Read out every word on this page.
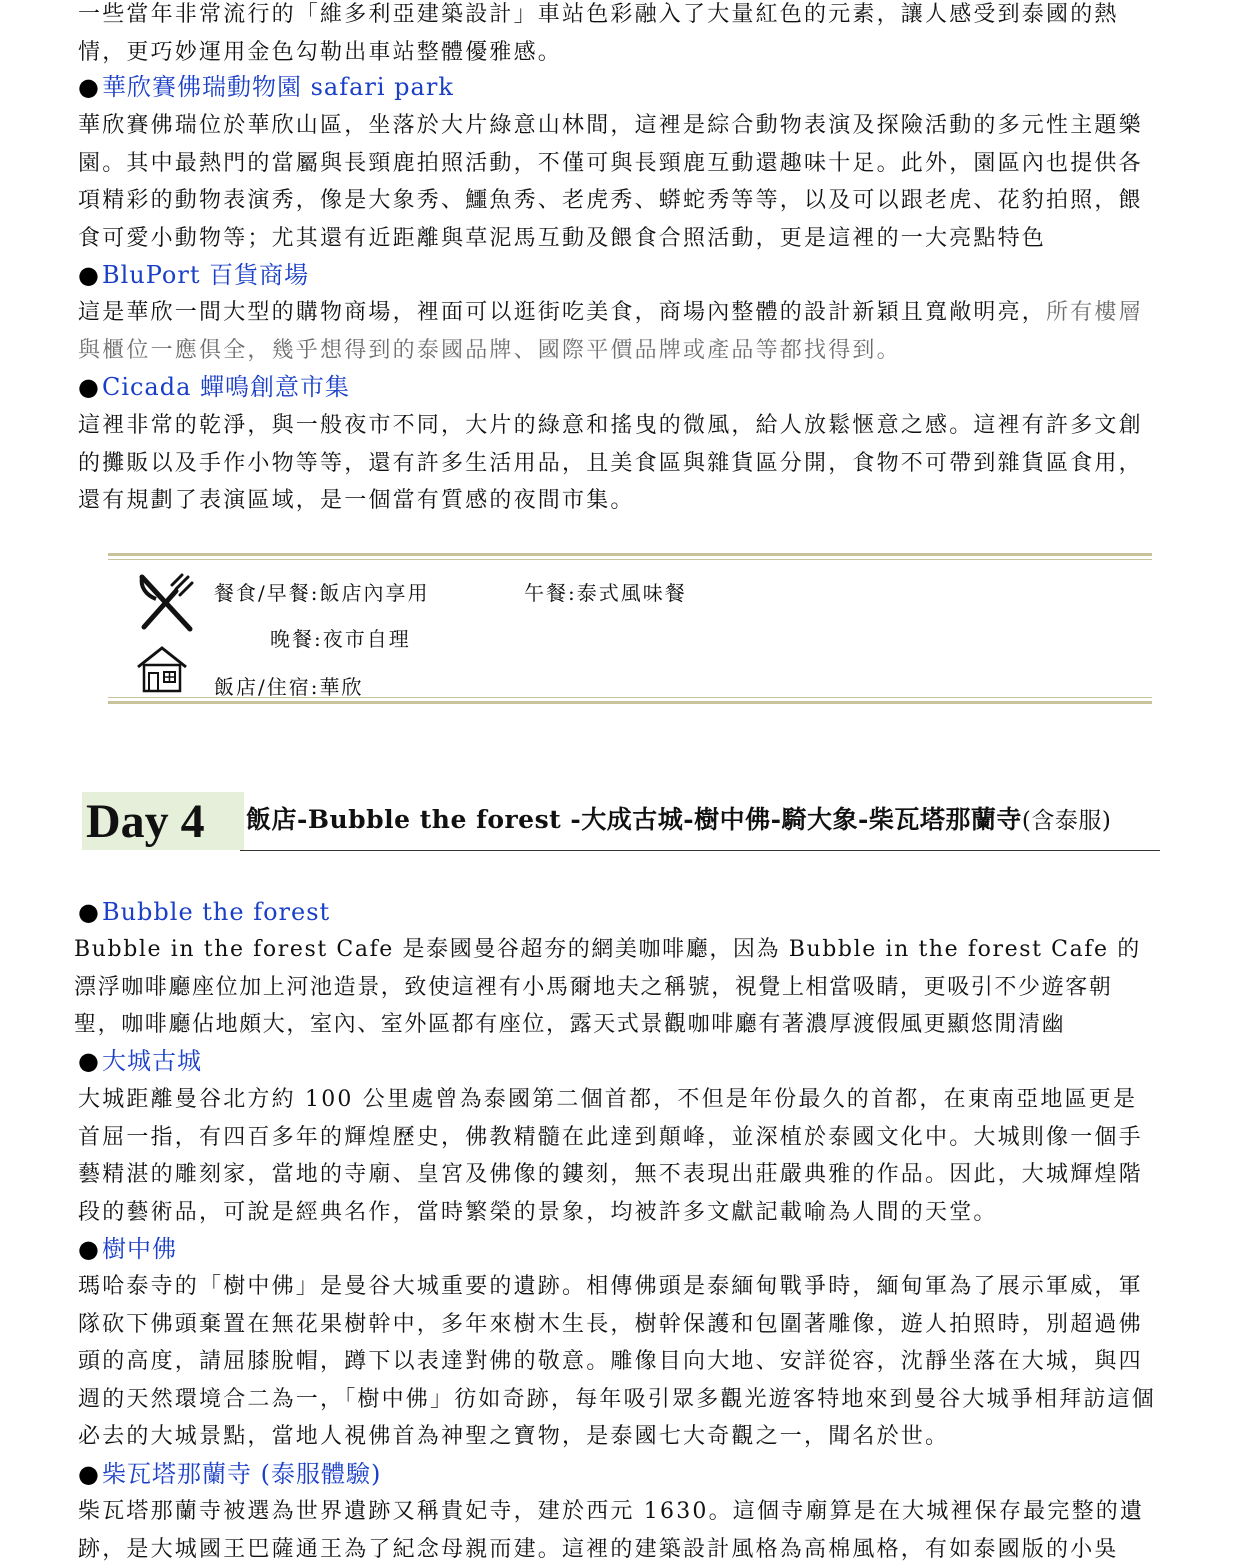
一些當年非常流行的「維多利亞建築設計」車站色彩融入了大量紅色的元素，讓人感受到泰國的熱情，更巧妙運用金色勾勒出車站整體優雅感。

●華欣賽佛瑞動物園 safari park

華欣賽佛瑞位於華欣山區，坐落於大片綠意山林間，這裡是綜合動物表演及探險活動的多元性主題樂園。其中最熱門的當屬與長頸鹿拍照活動，不僅可與長頸鹿互動還趣味十足。此外，園區內也提供各項精彩的動物表演秀，像是大象秀、鱷魚秀、老虎秀、蟒蛇秀等等，以及可以跟老虎、花豹拍照，餵食可愛小動物等；尤其還有近距離與草泥馬互動及餵食合照活動，更是這裡的一大亮點特色

●BluPort 百貨商場

這是華欣一間大型的購物商場，裡面可以逛街吃美食，商場內整體的設計新穎且寬敞明亮，所有樓層與櫃位一應俱全，幾乎想得到的泰國品牌、國際平價品牌或產品等都找得到。

●Cicada 蟬鳴創意市集

這裡非常的乾淨，與一般夜市不同，大片的綠意和搖曳的微風，給人放鬆愜意之感。這裡有許多文創的攤販以及手作小物等等，還有許多生活用品，且美食區與雜貨區分開，食物不可帶到雜貨區食用，還有規劃了表演區域，是一個當有質感的夜間市集。

餐食/早餐:飯店內享用	午餐:泰式風味餐
晚餐:夜市自理
飯店/住宿:華欣
Day 4	飯店-Bubble the forest -大成古城-樹中佛-騎大象-柴瓦塔那蘭寺(含泰服)

●Bubble the forest

Bubble in the forest Cafe 是泰國曼谷超夯的網美咖啡廳，因為 Bubble in the forest Cafe 的漂浮咖啡廳座位加上河池造景，致使這裡有小馬爾地夫之稱號，視覺上相當吸睛，更吸引不少遊客朝聖，咖啡廳佔地頗大，室內、室外區都有座位，露天式景觀咖啡廳有著濃厚渡假風更顯悠閒清幽

●大城古城

大城距離曼谷北方約 100 公里處曾為泰國第二個首都，不但是年份最久的首都，在東南亞地區更是首屈一指，有四百多年的輝煌歷史，佛教精髓在此達到顛峰，並深植於泰國文化中。大城則像一個手藝精湛的雕刻家，當地的寺廟、皇宮及佛像的鏤刻，無不表現出莊嚴典雅的作品。因此，大城輝煌階段的藝術品，可說是經典名作，當時繁榮的景象，均被許多文獻記載喻為人間的天堂。

●樹中佛

瑪哈泰寺的「樹中佛」是曼谷大城重要的遺跡。相傳佛頭是泰緬甸戰爭時，緬甸軍為了展示軍威，軍隊砍下佛頭棄置在無花果樹幹中，多年來樹木生長，樹幹保護和包圍著雕像，遊人拍照時，別超過佛頭的高度，請屈膝脫帽，蹲下以表達對佛的敬意。雕像目向大地、安詳從容，沈靜坐落在大城，與四週的天然環境合二為一，「樹中佛」彷如奇跡，每年吸引眾多觀光遊客特地來到曼谷大城爭相拜訪這個必去的大城景點，當地人視佛首為神聖之寶物，是泰國七大奇觀之一，聞名於世。

●柴瓦塔那蘭寺 (泰服體驗)

柴瓦塔那蘭寺被選為世界遺跡又稱貴妃寺，建於西元 1630。這個寺廟算是在大城裡保存最完整的遺跡，是大城國王巴薩通王為了紀念母親而建。這裡的建築設計風格為高棉風格，有如泰國版的小吳
